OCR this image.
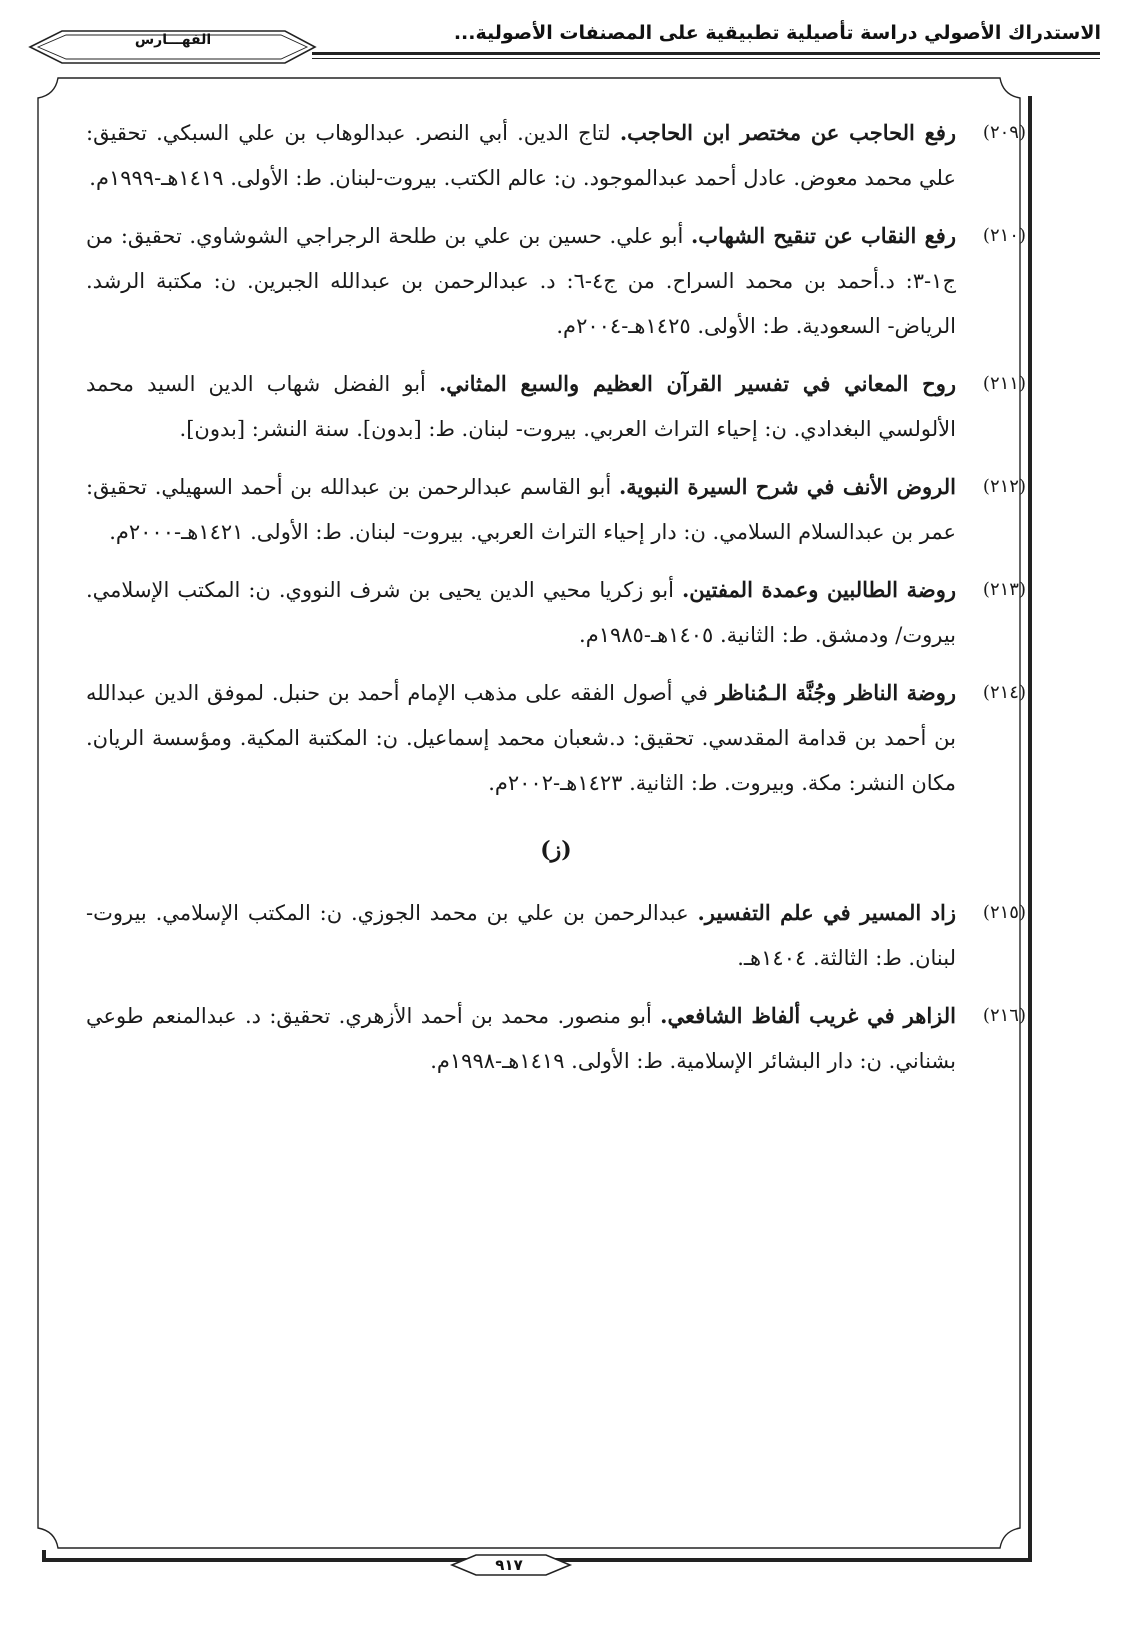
الاستدراك الأصولي دراسة تأصيلية تطبيقية على المصنفات الأصولية...
الفهـــارس
(٢٠٩)
رفع الحاجب عن مختصر ابن الحاجب. لتاج الدين. أبي النصر. عبدالوهاب بن علي السبكي. تحقيق: علي محمد معوض. عادل أحمد عبدالموجود. ن: عالم الكتب. بيروت-لبنان. ط: الأولى. ١٤١٩هـ-١٩٩٩م.
(٢١٠)
رفع النقاب عن تنقيح الشهاب. أبو علي. حسين بن علي بن طلحة الرجراجي الشوشاوي. تحقيق: من ج١-٣: د.أحمد بن محمد السراح. من ج٤-٦: د. عبدالرحمن بن عبدالله الجبرين. ن: مكتبة الرشد. الرياض- السعودية. ط: الأولى. ١٤٢٥هـ-٢٠٠٤م.
(٢١١)
روح المعاني في تفسير القرآن العظيم والسبع المثاني. أبو الفضل شهاب الدين السيد محمد الألولسي البغدادي. ن: إحياء التراث العربي. بيروت- لبنان. ط: [بدون]. سنة النشر: [بدون].
(٢١٢)
الروض الأنف في شرح السيرة النبوية. أبو القاسم عبدالرحمن بن عبدالله بن أحمد السهيلي. تحقيق: عمر بن عبدالسلام السلامي. ن: دار إحياء التراث العربي. بيروت- لبنان. ط: الأولى. ١٤٢١هـ-٢٠٠٠م.
(٢١٣)
روضة الطالبين وعمدة المفتين. أبو زكريا محيي الدين يحيى بن شرف النووي. ن: المكتب الإسلامي. بيروت/ ودمشق. ط: الثانية. ١٤٠٥هـ-١٩٨٥م.
(٢١٤)
روضة الناظر وجُنَّة الـمُناظر في أصول الفقه على مذهب الإمام أحمد بن حنبل. لموفق الدين عبدالله بن أحمد بن قدامة المقدسي. تحقيق: د.شعبان محمد إسماعيل. ن: المكتبة المكية. ومؤسسة الريان. مكان النشر: مكة. وبيروت. ط: الثانية. ١٤٢٣هـ-٢٠٠٢م.
(ز)
(٢١٥)
زاد المسير في علم التفسير. عبدالرحمن بن علي بن محمد الجوزي. ن: المكتب الإسلامي. بيروت- لبنان. ط: الثالثة. ١٤٠٤هـ.
(٢١٦)
الزاهر في غريب ألفاظ الشافعي. أبو منصور. محمد بن أحمد الأزهري. تحقيق: د. عبدالمنعم طوعي بشناني. ن: دار البشائر الإسلامية. ط: الأولى. ١٤١٩هـ-١٩٩٨م.
٩١٧
